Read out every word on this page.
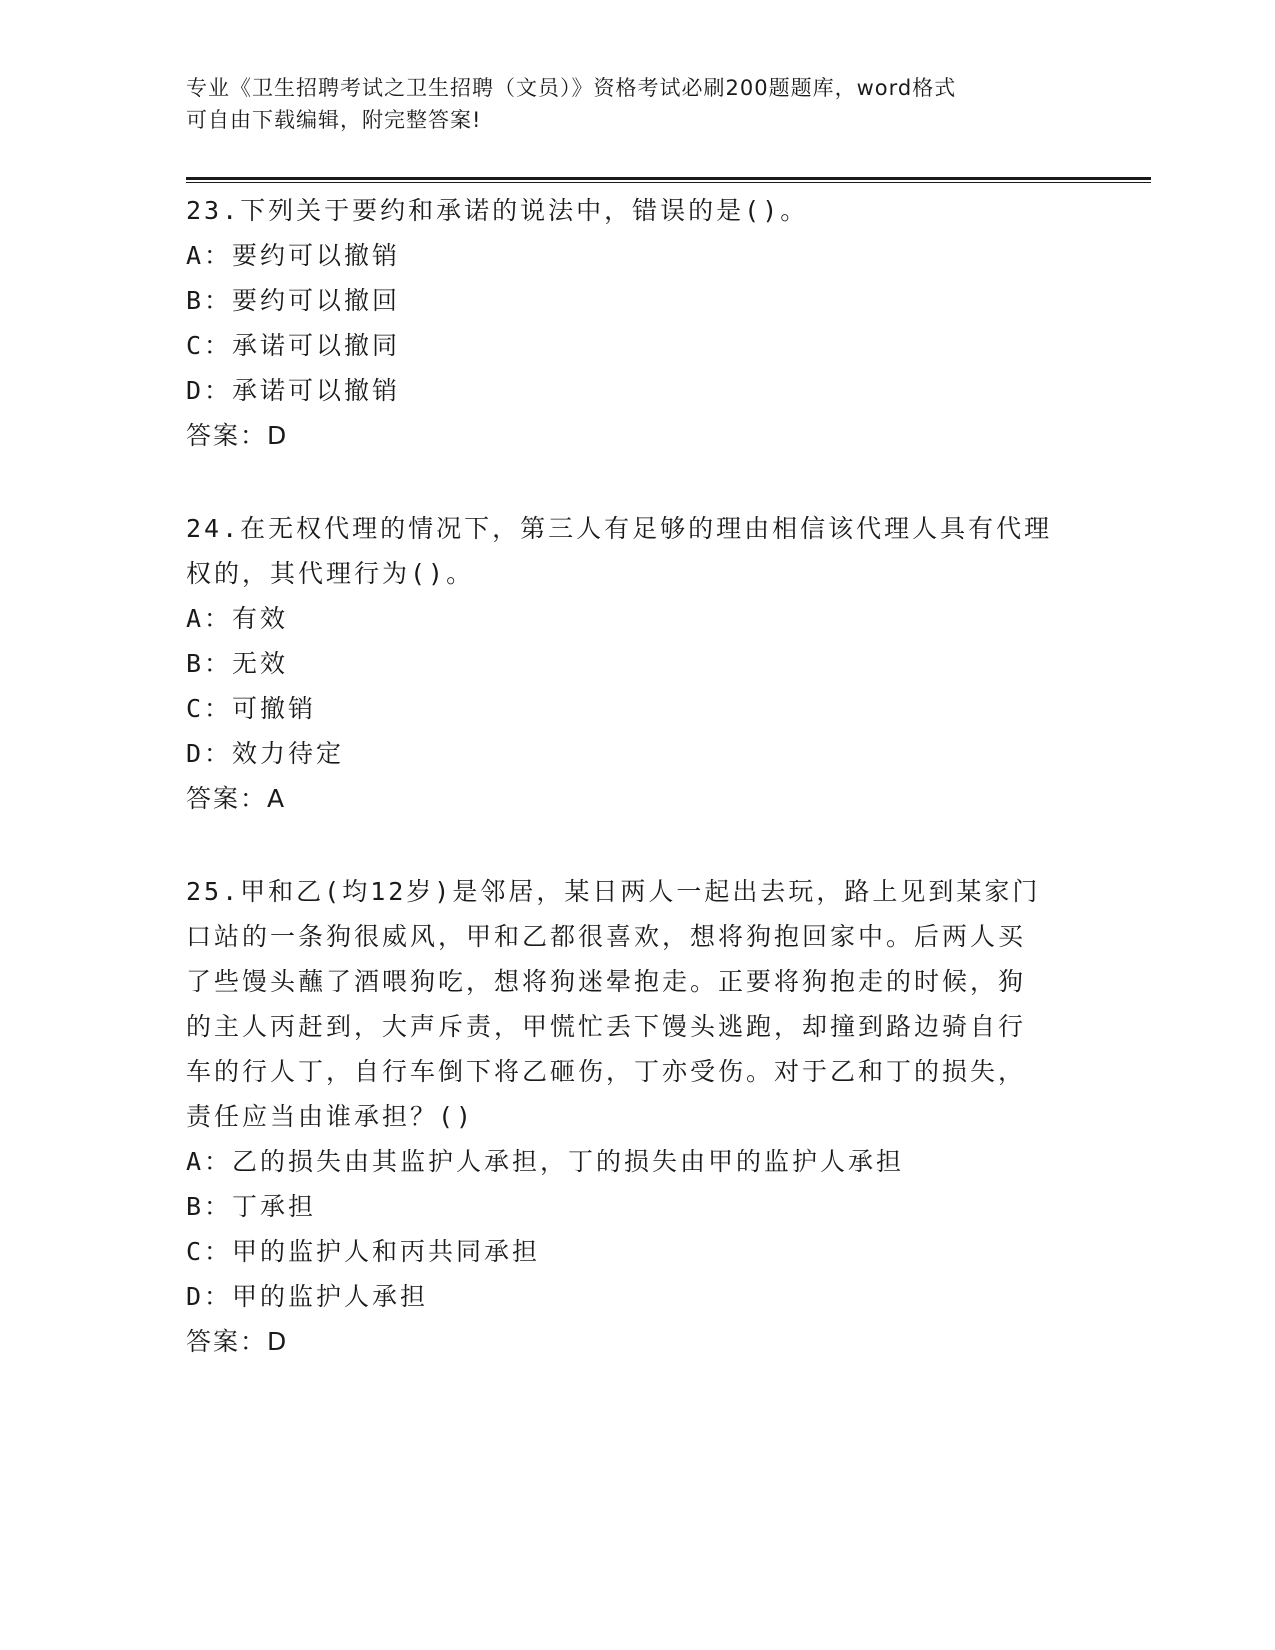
专业《卫生招聘考试之卫生招聘（文员）》资格考试必刷200题题库，word格式
可自由下载编辑，附完整答案!
23.下列关于要约和承诺的说法中，错误的是()。
A：要约可以撤销
B：要约可以撤回
C：承诺可以撤同
D：承诺可以撤销
答案：D
24.在无权代理的情况下，第三人有足够的理由相信该代理人具有代理
权的，其代理行为()。
A：有效
B：无效
C：可撤销
D：效力待定
答案：A
25.甲和乙(均12岁)是邻居，某日两人一起出去玩，路上见到某家门
口站的一条狗很威风，甲和乙都很喜欢，想将狗抱回家中。后两人买
了些馒头蘸了酒喂狗吃，想将狗迷晕抱走。正要将狗抱走的时候，狗
的主人丙赶到，大声斥责，甲慌忙丢下馒头逃跑，却撞到路边骑自行
车的行人丁，自行车倒下将乙砸伤，丁亦受伤。对于乙和丁的损失，
责任应当由谁承担？()
A：乙的损失由其监护人承担，丁的损失由甲的监护人承担
B：丁承担
C：甲的监护人和丙共同承担
D：甲的监护人承担
答案：D
